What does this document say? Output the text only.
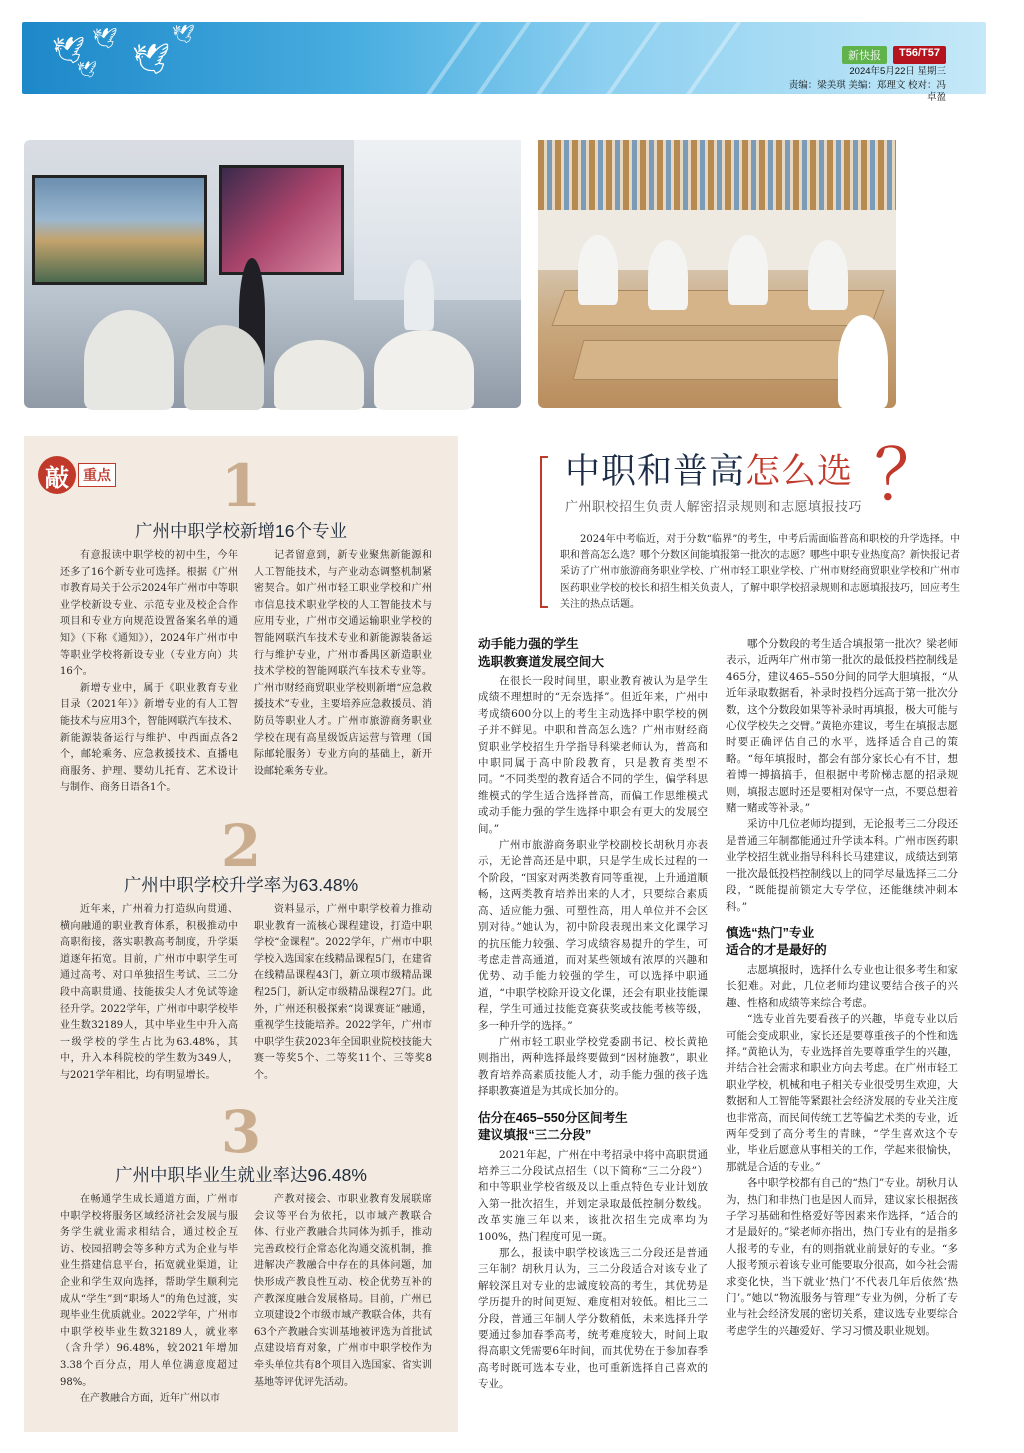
🕊 🕊
🕊
🕊
🕊
新快报	T56/T57
2024年5月22日 星期三
责编：梁美琪 美编：郑理文 校对：冯卓盈
敲	重点	1
广州中职学校新增16个专业

有意报读中职学校的初中生，今年还多了16个新专业可选择。根据《广州市教育局关于公示2024年广州市中等职业学校新设专业、示范专业及校企合作项目和专业方向规范设置备案名单的通知》（下称《通知》），2024年广州市中等职业学校将新设专业（专业方向）共16个。

新增专业中，属于《职业教育专业目录（2021年）》新增专业的有人工智能技术与应用3个，智能网联汽车技术、新能源装备运行与维护、中西面点各2个，邮轮乘务、应急救援技术、直播电商服务、护理、婴幼儿托育、艺术设计与制作、商务日语各1个。

记者留意到，新专业聚焦新能源和人工智能技术，与产业动态调整机制紧密契合。如广州市轻工职业学校和广州市信息技术职业学校的人工智能技术与应用专业，广州市交通运输职业学校的智能网联汽车技术专业和新能源装备运行与维护专业，广州市番禺区新造职业技术学校的智能网联汽车技术专业等。广州市财经商贸职业学校则新增“应急救援技术”专业，主要培养应急救援员、消防员等职业人才。广州市旅游商务职业学校在现有高星级饭店运营与管理（国际邮轮服务）专业方向的基础上，新开设邮轮乘务专业。

2
广州中职学校升学率为63.48%

近年来，广州着力打造纵向贯通、横向融通的职业教育体系，积极推动中高职衔接，落实职教高考制度，升学渠道逐年拓宽。目前，广州市中职学生可通过高考、对口单独招生考试、三二分段中高职贯通、技能拔尖人才免试等途径升学。2022学年，广州市中职学校毕业生数32189人，其中毕业生中升入高一级学校的学生占比为63.48%，其中，升入本科院校的学生数为349人，与2021学年相比，均有明显增长。

资料显示，广州中职学校着力推动职业教育一流核心课程建设，打造中职学校“金课程”。2022学年，广州市中职学校入选国家在线精品课程5门，在建省在线精品课程43门，新立项市级精品课程25门，新认定市级精品课程27门。此外，广州还积极探索“岗课赛证”融通，重视学生技能培养。2022学年，广州市中职学生获2023年全国职业院校技能大赛一等奖5个、二等奖11个、三等奖8个。

3
广州中职毕业生就业率达96.48%

在畅通学生成长通道方面，广州市中职学校将服务区域经济社会发展与服务学生就业需求相结合，通过校企互访、校园招聘会等多种方式为企业与毕业生搭建信息平台，拓宽就业渠道，让企业和学生双向选择，帮助学生顺利完成从“学生”到“职场人”的角色过渡，实现毕业生优质就业。2022学年，广州市中职学校毕业生数32189人，就业率（含升学）96.48%，较2021年增加3.38个百分点，用人单位满意度超过98%。

在产教融合方面，近年广州以市

产教对接会、市职业教育发展联席会议等平台为依托，以市域产教联合体、行业产教融合共同体为抓手，推动完善政校行企常态化沟通交流机制，推进解决产教融合中存在的具体问题，加快形成产教良性互动、校企优势互补的产教深度融合发展格局。目前，广州已立项建设2个市级市域产教联合体，共有63个产教融合实训基地被评选为首批试点建设培育对象，广州市中职学校作为牵头单位共有8个项目入选国家、省实训基地等评优评先活动。

中职和普高怎么选 ？
广州职校招生负责人解密招录规则和志愿填报技巧
2024年中考临近，对于分数“临界”的考生，中考后需面临普高和职校的升学选择。中职和普高怎么选？哪个分数区间能填报第一批次的志愿？哪些中职专业热度高？新快报记者采访了广州市旅游商务职业学校、广州市轻工职业学校、广州市财经商贸职业学校和广州市医药职业学校的校长和招生相关负责人，了解中职学校招录规则和志愿填报技巧，回应考生关注的热点话题。
动手能力强的学生
选职教赛道发展空间大

在很长一段时间里，职业教育被认为是学生成绩不理想时的“无奈选择”。但近年来，广州中考成绩600分以上的考生主动选择中职学校的例子并不鲜见。中职和普高怎么选？广州市财经商贸职业学校招生升学指导科梁老师认为，普高和中职同属于高中阶段教育，只是教育类型不同。“不同类型的教育适合不同的学生，偏学科思维模式的学生适合选择普高，而偏工作思维模式或动手能力强的学生选择中职会有更大的发展空间。”

广州市旅游商务职业学校副校长胡秋月亦表示，无论普高还是中职，只是学生成长过程的一个阶段，“国家对两类教育同等重视，上升通道顺畅，这两类教育培养出来的人才，只要综合素质高、适应能力强、可塑性高，用人单位并不会区别对待。”她认为，初中阶段表现出来文化课学习的抗压能力较强、学习成绩容易提升的学生，可考虑走普高通道，而对某些领域有浓厚的兴趣和优势、动手能力较强的学生，可以选择中职通道，“中职学校除开设文化课，还会有职业技能课程，学生可通过技能竞赛获奖或技能考核等级，多一种升学的选择。”

广州市轻工职业学校党委副书记、校长黄艳则指出，两种选择最终要做到“因材施教”，职业教育培养高素质技能人才，动手能力强的孩子选择职教赛道是为其成长加分的。

估分在465–550分区间考生
建议填报“三二分段”

2021年起，广州在中考招录中将中高职贯通培养三二分段试点招生（以下简称“三二分段”）和中等职业学校省级及以上重点特色专业计划放入第一批次招生，并划定录取最低控制分数线。改革实施三年以来，该批次招生完成率均为100%，热门程度可见一斑。

那么，报读中职学校该选三二分段还是普通三年制？胡秋月认为，三二分段适合对该专业了解较深且对专业的忠诚度较高的考生，其优势是学历提升的时间更短、难度相对较低。相比三二分段，普通三年制人学分数稍低，未来选择升学要通过参加春季高考，统考难度较大，时间上取得高职文凭需要6年时间，而其优势在于参加春季高考时既可选本专业，也可重新选择自己喜欢的专业。

哪个分数段的考生适合填报第一批次？梁老师表示，近两年广州市第一批次的最低投档控制线是465分，建议465–550分间的同学大胆填报，“从近年录取数据看，补录时投档分远高于第一批次分数，这个分数段如果等补录时再填报，极大可能与心仪学校失之交臂。”黄艳亦建议，考生在填报志愿时要正确评估自己的水平，选择适合自己的策略。“每年填报时，都会有部分家长心有不甘，想着博一搏搞搞手，但根据中考阶梯志愿的招录规则，填报志愿时还是要相对保守一点，不要总想着赌一赌或等补录。”

采访中几位老师均提到，无论报考三二分段还是普通三年制都能通过升学读本科。广州市医药职业学校招生就业指导科科长马建建议，成绩达到第一批次最低投档控制线以上的同学尽量选择三二分段，“既能提前锁定大专学位，还能继续冲刺本科。”

慎选“热门”专业
适合的才是最好的

志愿填报时，选择什么专业也让很多考生和家长犯难。对此，几位老师均建议要结合孩子的兴趣、性格和成绩等来综合考虑。

“选专业首先要看孩子的兴趣，毕竟专业以后可能会变成职业，家长还是要尊重孩子的个性和选择。”黄艳认为，专业选择首先要尊重学生的兴趣，并结合社会需求和职业方向去考虑。在广州市轻工职业学校，机械和电子相关专业很受男生欢迎，大数据和人工智能等紧跟社会经济发展的专业关注度也非常高，而民间传统工艺等偏艺术类的专业，近两年受到了高分考生的青睐，“学生喜欢这个专业，毕业后愿意从事相关的工作，学起来很愉快，那就是合适的专业。”

各中职学校都有自己的“热门”专业。胡秋月认为，热门和非热门也是因人而异，建议家长根据孩子学习基础和性格爱好等因素来作选择，“适合的才是最好的。”梁老师亦指出，热门专业有的是指多人报考的专业，有的则指就业前景好的专业。“多人报考预示着该专业可能要取分很高，如今社会需求变化快，当下就业‘热门’不代表几年后依然‘热门’。”她以“物流服务与管理”专业为例，分析了专业与社会经济发展的密切关系，建议选专业要综合考虑学生的兴趣爱好、学习习惯及职业规划。
